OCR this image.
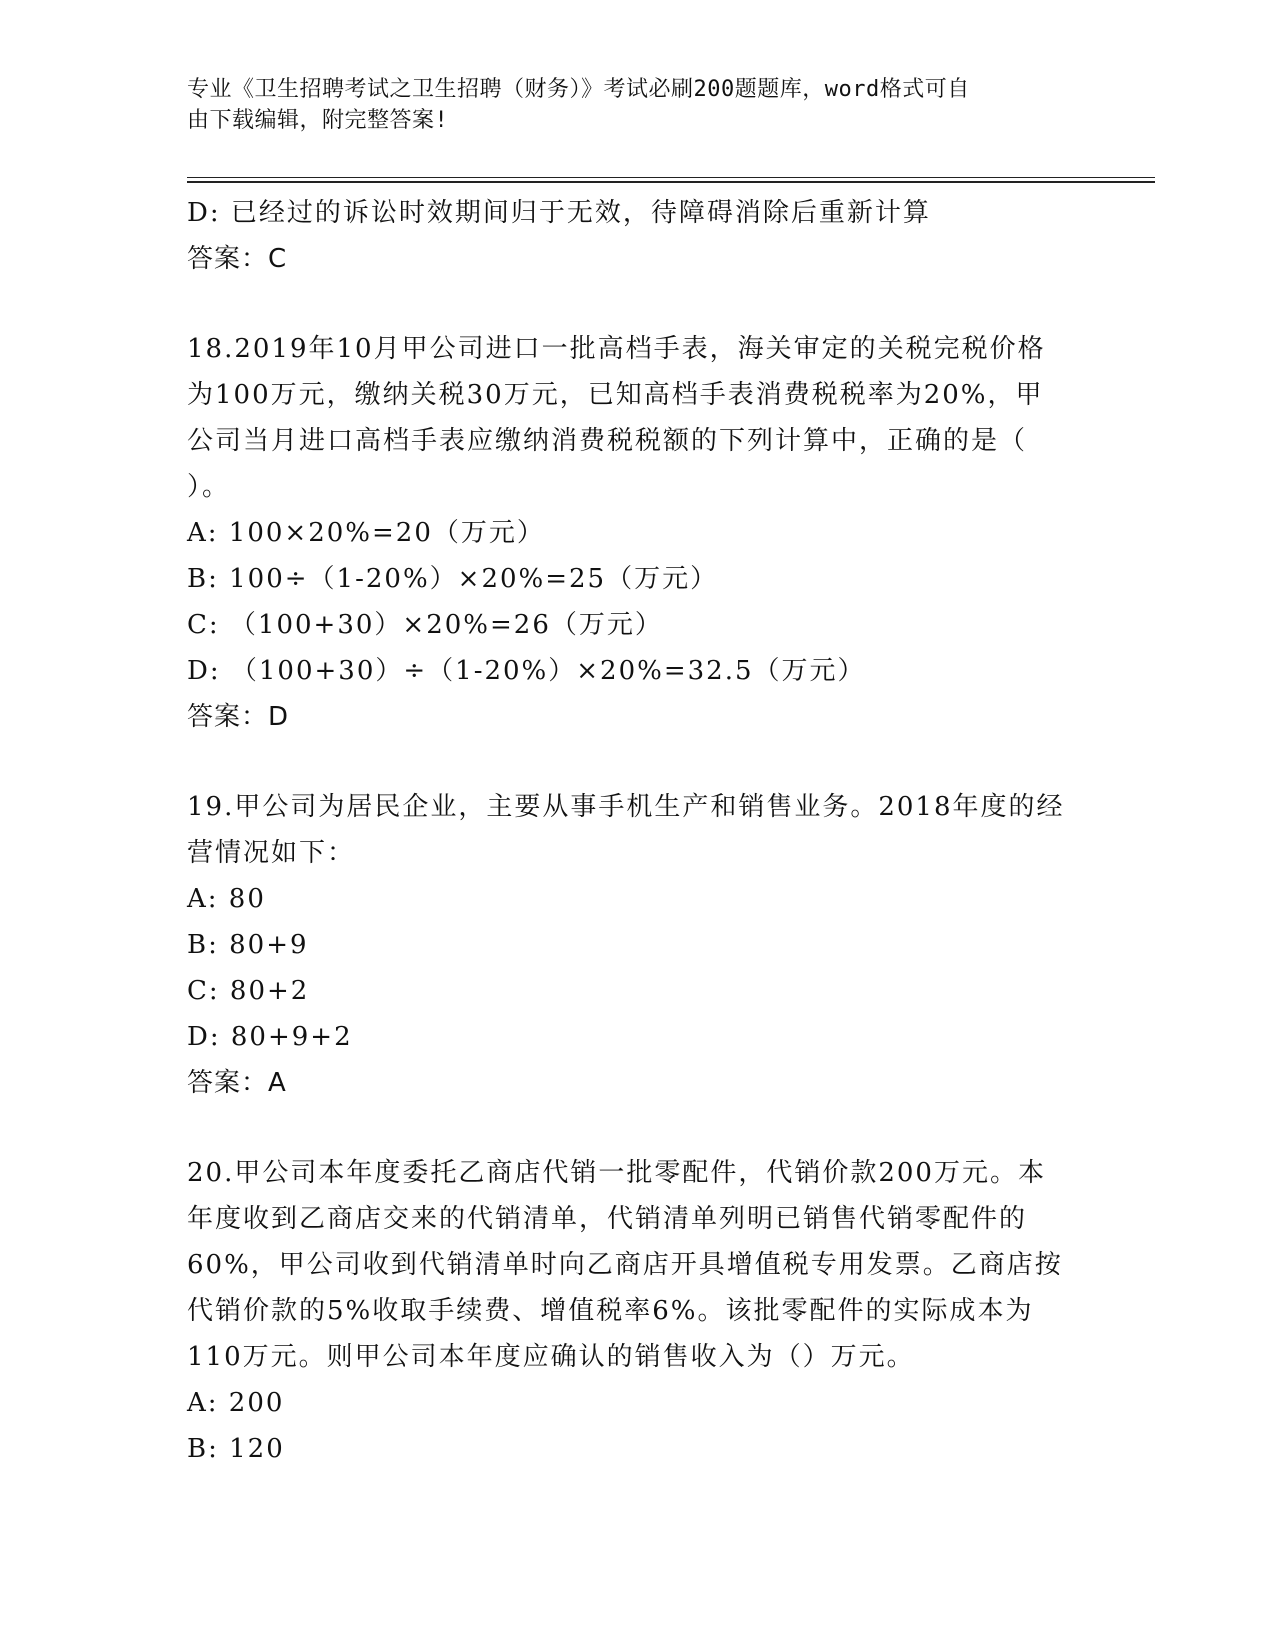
专业《卫生招聘考试之卫生招聘（财务）》考试必刷200题题库，word格式可自
由下载编辑，附完整答案!
D: 已经过的诉讼时效期间归于无效，待障碍消除后重新计算
答案：C
18.2019年10月甲公司进口一批高档手表，海关审定的关税完税价格
为100万元，缴纳关税30万元，已知高档手表消费税税率为20%，甲
公司当月进口高档手表应缴纳消费税税额的下列计算中，正确的是（
）。
A: 100×20%=20（万元）
B: 100÷（1-20%）×20%=25（万元）
C: （100+30）×20%=26（万元）
D: （100+30）÷（1-20%）×20%=32.5（万元）
答案：D
19.甲公司为居民企业，主要从事手机生产和销售业务。2018年度的经
营情况如下：
A: 80
B: 80+9
C: 80+2
D: 80+9+2
答案：A
20.甲公司本年度委托乙商店代销一批零配件，代销价款200万元。本
年度收到乙商店交来的代销清单，代销清单列明已销售代销零配件的
60%，甲公司收到代销清单时向乙商店开具增值税专用发票。乙商店按
代销价款的5%收取手续费、增值税率6%。该批零配件的实际成本为
110万元。则甲公司本年度应确认的销售收入为（）万元。
A: 200
B: 120
